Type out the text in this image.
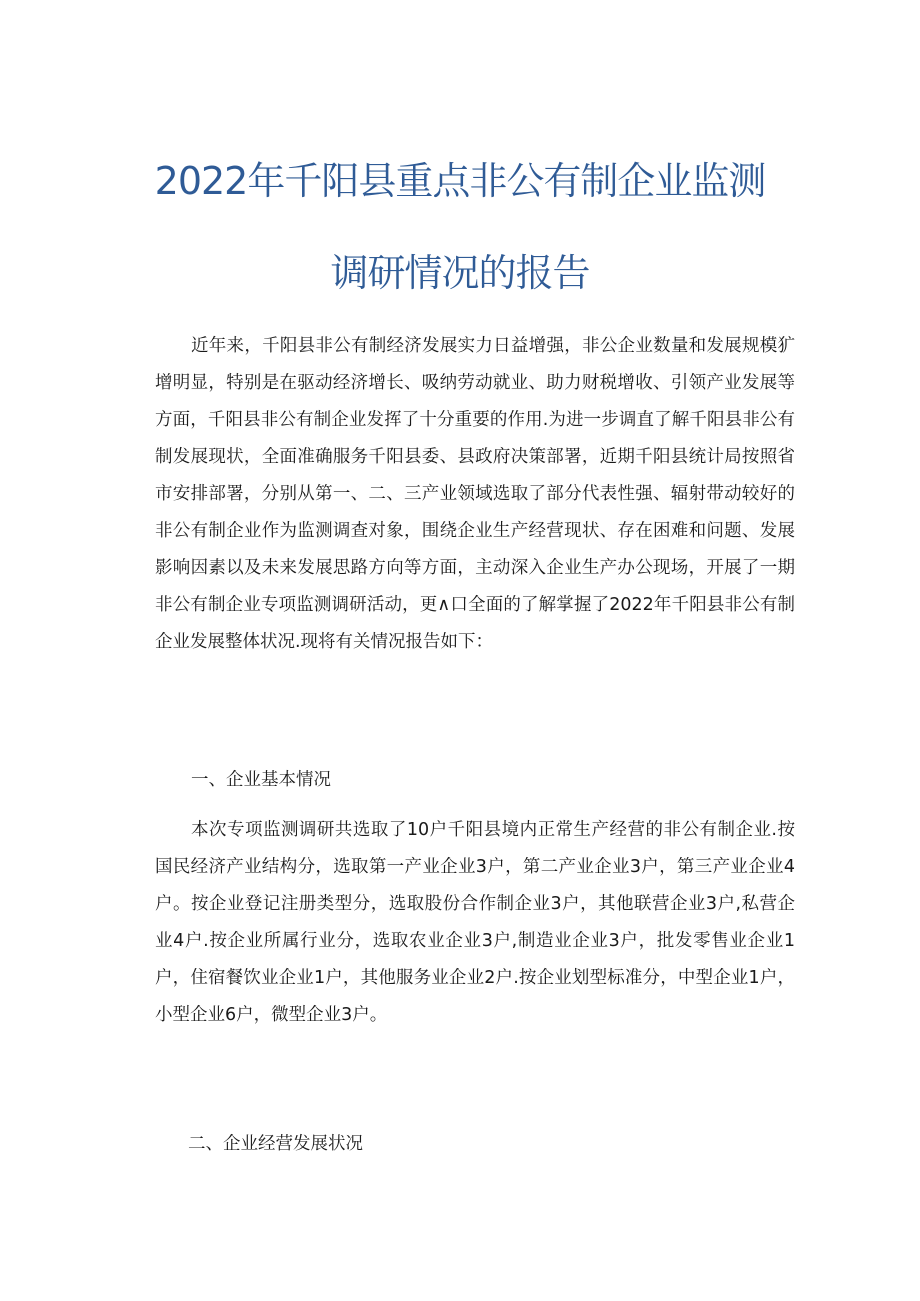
2022年千阳县重点非公有制企业监测
调研情况的报告
近年来，千阳县非公有制经济发展实力日益增强，非公企业数量和发展规模犷增明显，特别是在驱动经济增长、吸纳劳动就业、助力财税增收、引领产业发展等方面，千阳县非公有制企业发挥了十分重要的作用.为进一步调直了解千阳县非公有制发展现状，全面准确服务千阳县委、县政府决策部署，近期千阳县统计局按照省市安排部署，分别从第一、二、三产业领域选取了部分代表性强、辐射带动较好的非公有制企业作为监测调查对象，围绕企业生产经营现状、存在困难和问题、发展影响因素以及未来发展思路方向等方面，主动深入企业生产办公现场，开展了一期非公有制企业专项监测调研活动，更∧口全面的了解掌握了2022年千阳县非公有制企业发展整体状况.现将有关情况报告如下：
一、企业基本情况
本次专项监测调研共选取了10户千阳县境内正常生产经营的非公有制企业.按国民经济产业结构分，选取第一产业企业3户，第二产业企业3户，第三产业企业4户。按企业登记注册类型分，选取股份合作制企业3户，其他联营企业3户,私营企业4户.按企业所属行业分，选取农业企业3户,制造业企业3户，批发零售业企业1户，住宿餐饮业企业1户，其他服务业企业2户.按企业划型标准分，中型企业1户，小型企业6户，微型企业3户。
二、企业经营发展状况
